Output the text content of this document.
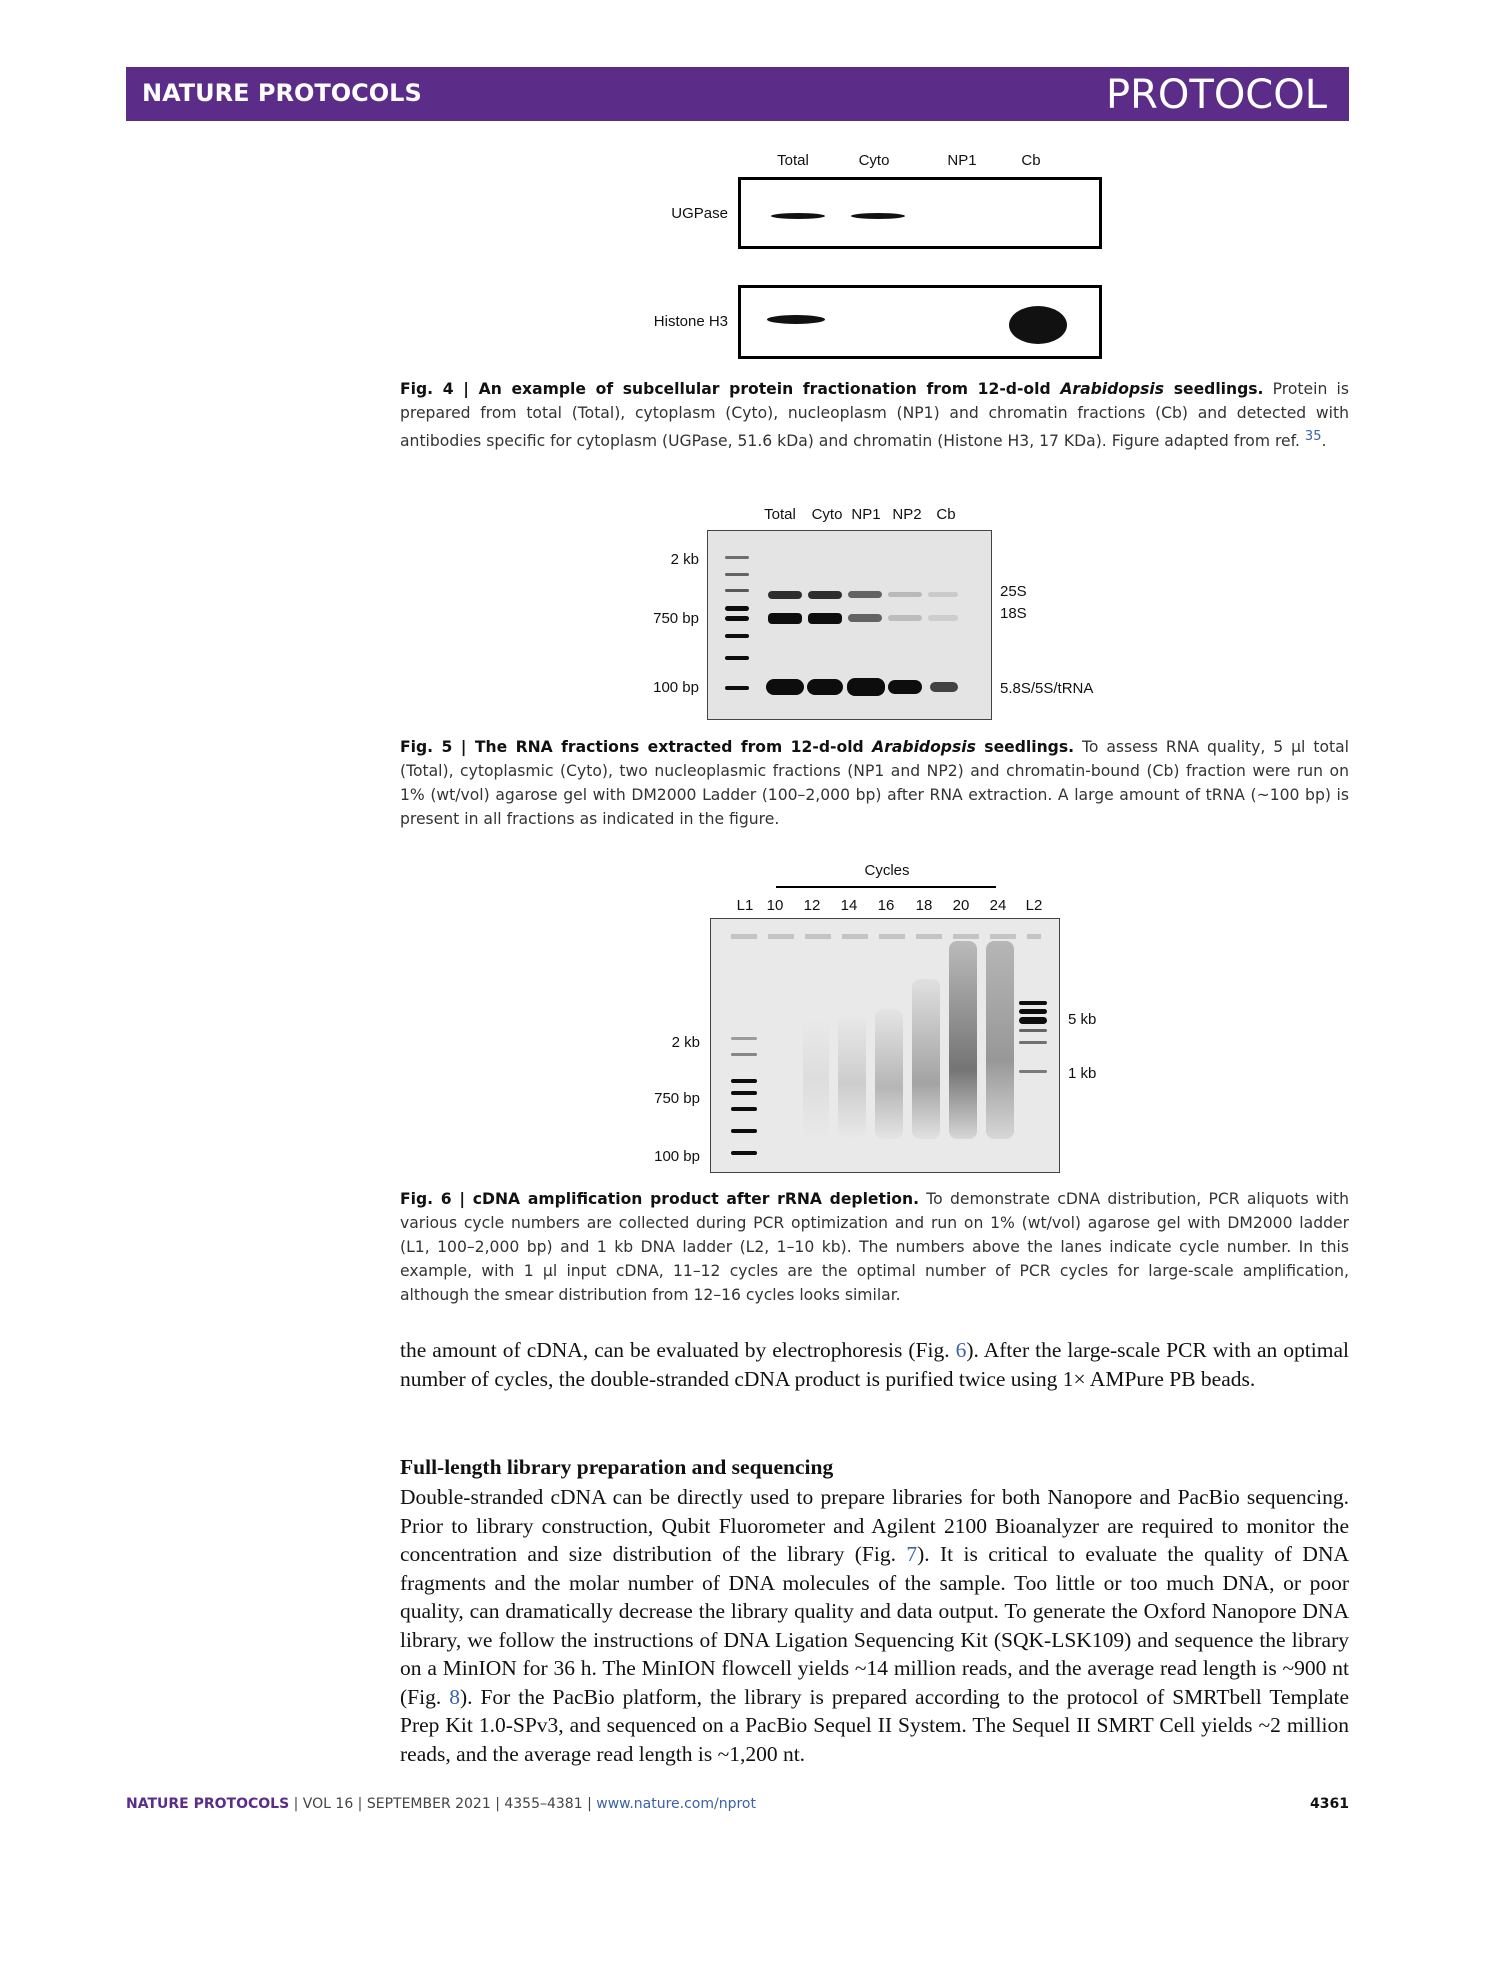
NATURE PROTOCOLS	PROTOCOL
Total	Cyto	NP1	Cb
UGPase
Histone H3
Fig. 4 | An example of subcellular protein fractionation from 12-d-old Arabidopsis seedlings. Protein is prepared from total (Total), cytoplasm (Cyto), nucleoplasm (NP1) and chromatin fractions (Cb) and detected with antibodies specific for cytoplasm (UGPase, 51.6 kDa) and chromatin (Histone H3, 17 KDa). Figure adapted from ref. $^{35}$.
Total Cyto NP1 NP2 Cb
2 kb
750 bp
100 bp
25S
18S
5.8S/5S/tRNA
Fig. 5 | The RNA fractions extracted from 12-d-old Arabidopsis seedlings. To assess RNA quality, 5 µl total (Total), cytoplasmic (Cyto), two nucleoplasmic fractions (NP1 and NP2) and chromatin-bound (Cb) fraction were run on 1% (wt/vol) agarose gel with DM2000 Ladder (100–2,000 bp) after RNA extraction. A large amount of tRNA (~100 bp) is present in all fractions as indicated in the figure.
Cycles
L1 10 12 14 16 18 20 24 L2
2 kb
750 bp
100 bp
5 kb
1 kb
Fig. 6 | cDNA amplification product after rRNA depletion. To demonstrate cDNA distribution, PCR aliquots with various cycle numbers are collected during PCR optimization and run on 1% (wt/vol) agarose gel with DM2000 ladder (L1, 100–2,000 bp) and 1 kb DNA ladder (L2, 1–10 kb). The numbers above the lanes indicate cycle number. In this example, with 1 µl input cDNA, 11–12 cycles are the optimal number of PCR cycles for large-scale amplification, although the smear distribution from 12–16 cycles looks similar.
the amount of cDNA, can be evaluated by electrophoresis (Fig. 6). After the large-scale PCR with an optimal number of cycles, the double-stranded cDNA product is purified twice using 1× AMPure PB beads.
Full-length library preparation and sequencing
Double-stranded cDNA can be directly used to prepare libraries for both Nanopore and PacBio sequencing. Prior to library construction, Qubit Fluorometer and Agilent 2100 Bioanalyzer are required to monitor the concentration and size distribution of the library (Fig. 7). It is critical to evaluate the quality of DNA fragments and the molar number of DNA molecules of the sample. Too little or too much DNA, or poor quality, can dramatically decrease the library quality and data output. To generate the Oxford Nanopore DNA library, we follow the instructions of DNA Ligation Sequencing Kit (SQK-LSK109) and sequence the library on a MinION for 36 h. The MinION flowcell yields ~14 million reads, and the average read length is ~900 nt (Fig. 8). For the PacBio platform, the library is prepared according to the protocol of SMRTbell Template Prep Kit 1.0-SPv3, and sequenced on a PacBio Sequel II System. The Sequel II SMRT Cell yields ~2 million reads, and the average read length is ~1,200 nt.
NATURE PROTOCOLS | VOL 16 | SEPTEMBER 2021 | 4355–4381 | www.nature.com/nprot	4361
